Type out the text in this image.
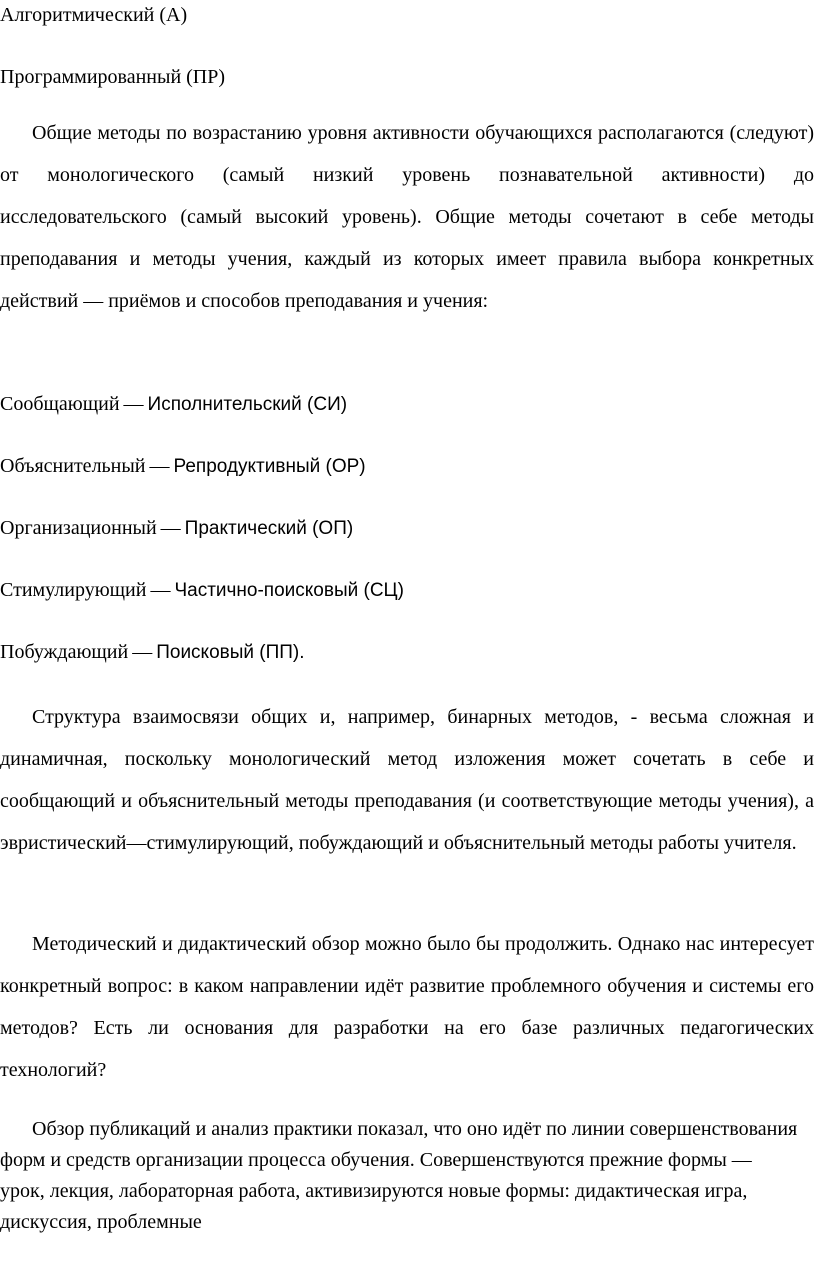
Алгоритмический (А)

Программированный (ПР)

Общие методы по возрастанию уровня активности обучающихся располагаются (следуют) от монологического (самый низкий уровень познавательной активности) до исследовательского (самый высокий уровень). Общие методы сочетают в себе методы преподавания и методы учения, каждый из которых имеет правила выбора конкретных действий — приёмов и способов преподавания и учения:

Сообщающий — Исполнительский (СИ)

Объяснительный — Репродуктивный (ОР)

Организационный — Практический (ОП)

Стимулирующий — Частично-поисковый (СЦ)

Побуждающий — Поисковый (ПП).

Структура взаимосвязи общих и, например, бинарных методов, - весьма сложная и динамичная, поскольку монологический метод изложения может сочетать в себе и сообщающий и объяснительный методы преподавания (и соответствующие методы учения), а эвристический—стимулирующий, побуждающий и объяснительный методы работы учителя.

Методический и дидактический обзор можно было бы продолжить. Однако нас интересует конкретный вопрос: в каком направлении идёт развитие проблемного обучения и системы его методов? Есть ли основания для разработки на его базе различных педагогических технологий?

Обзор публикаций и анализ практики показал, что оно идёт по линии совершенствования форм и средств организации процесса обучения. Совершенствуются прежние формы — урок, лекция, лабораторная работа, активизируются новые формы: дидактическая игра, дискуссия, проблемные
